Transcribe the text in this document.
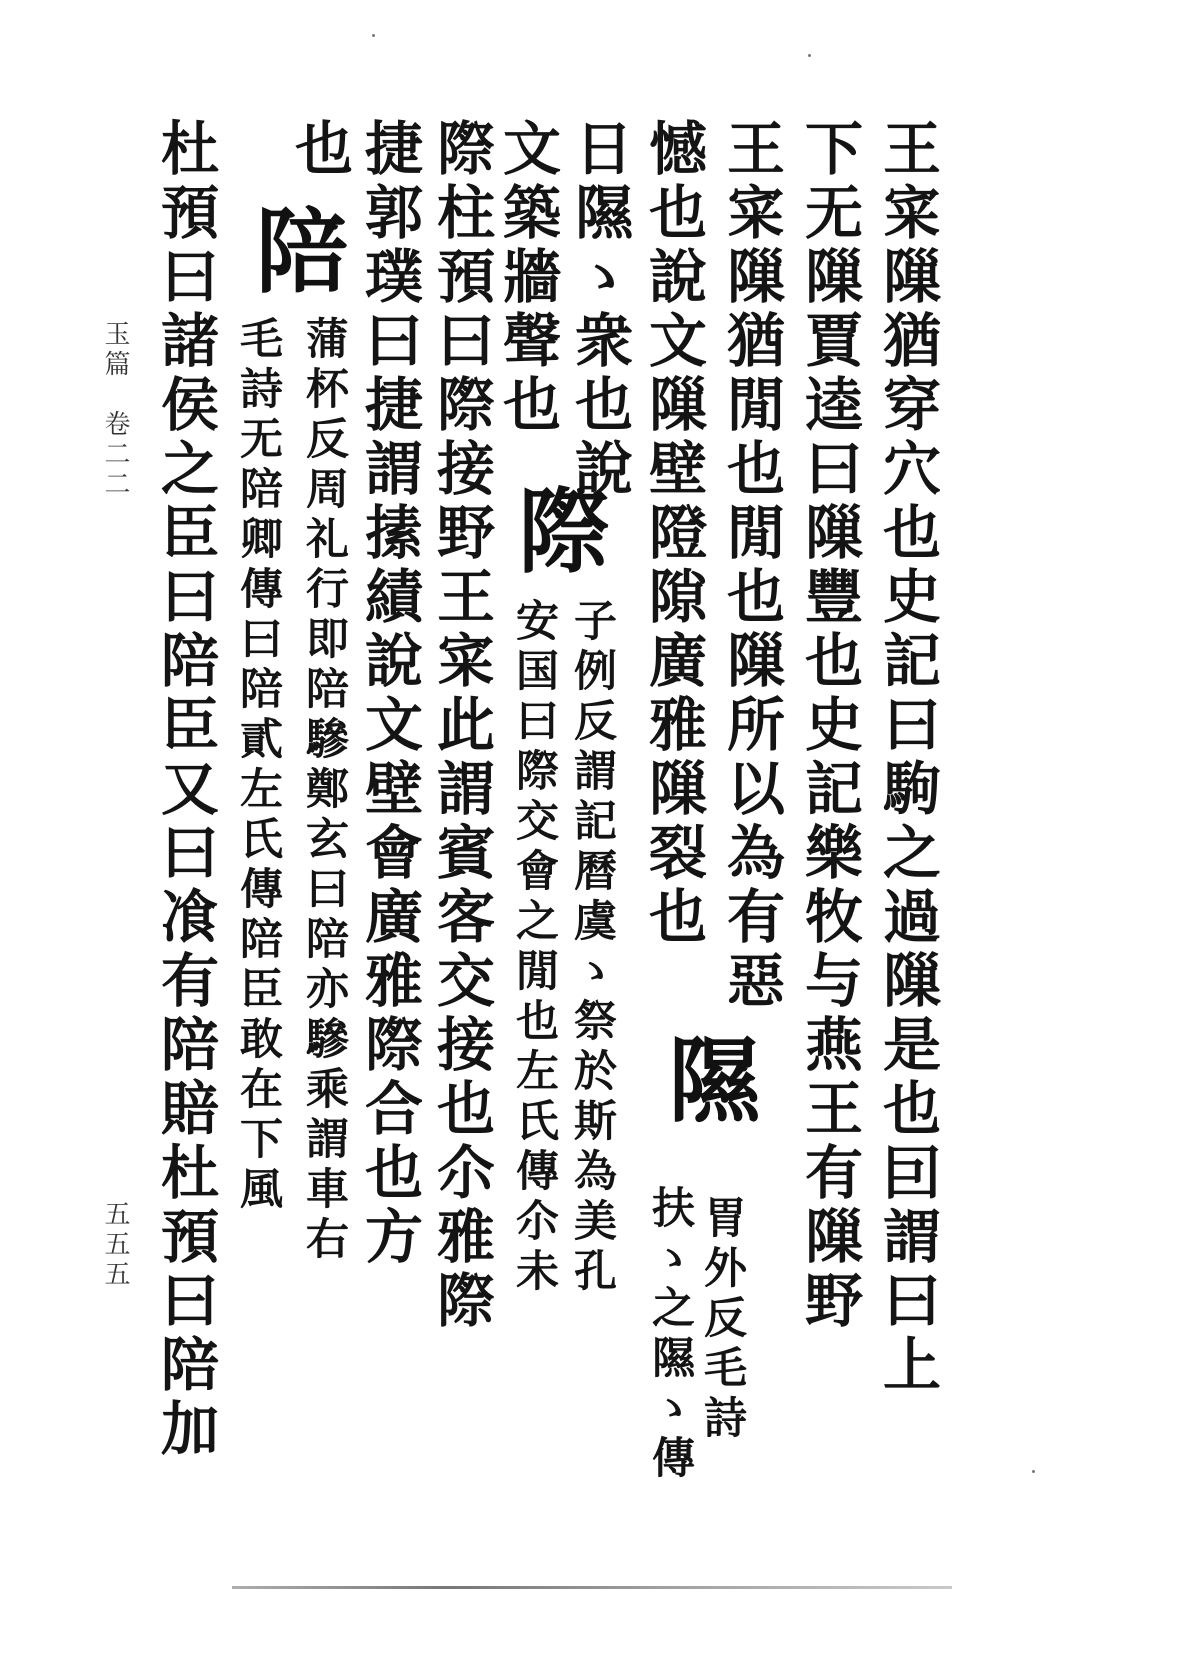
王寀隟猶穿穴也史記曰駒之過隟是也囙謂曰上
下无隟賈逵曰隟豐也史記樂牧与燕王有隟野
王寀隟猶閒也閒也隟所以為有惡
憾也說文隟壁隥隙廣雅隟裂也
隰
胃外反毛詩
日隰ゝ衆也說
扶ゝ之隰ゝ傳
文築牆聲也
際
子例反謂記曆虞ゝ祭於斯為美孔
安国曰際交會之閒也左氏傳尒未
際柱預曰際接野王寀此謂賓客交接也尒雅際
捷郭璞曰捷謂㨞績說文壁會廣雅際合也方
也
陪
蒲杯反周礼行即陪驂鄭玄曰陪亦驂乘謂車右
毛詩无陪卿傳曰陪貳左氏傳陪臣敢在下風
杜預曰諸侯之臣曰陪臣又曰飡有陪賠杜預曰陪加
玉篇　卷二二
五五五
